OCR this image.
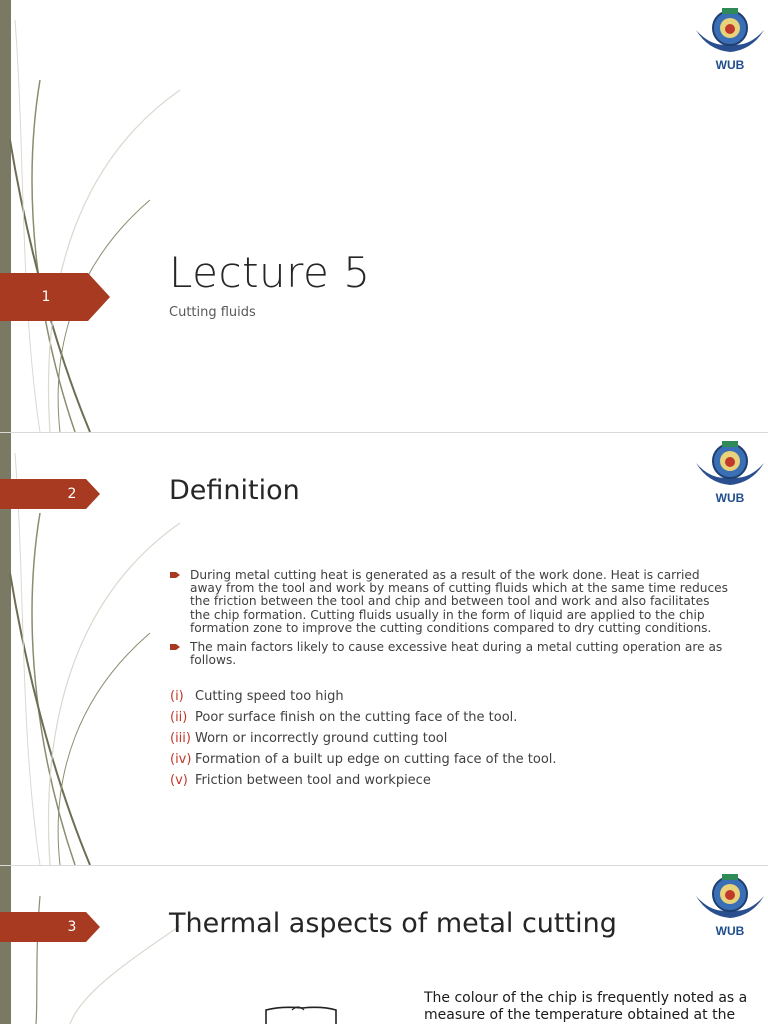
1
WUB
Lecture 5
Cutting fluids
2	WUB
Definition
During metal cutting heat is generated as a result of the work done. Heat is carried away from the tool and work by means of cutting fluids which at the same time reduces the friction between the tool and chip and between tool and work and also facilitates the chip formation. Cutting fluids usually in the form of liquid are applied to the chip formation zone to improve the cutting conditions compared to dry cutting conditions.
The main factors likely to cause excessive heat during a metal cutting operation are as follows.
(i) Cutting speed too high
(ii) Poor surface finish on the cutting face of the tool.
(iii) Worn or incorrectly ground cutting tool
(iv) Formation of a built up edge on cutting face of the tool.
(v) Friction between tool and workpiece
3	WUB
Thermal aspects of metal cutting
The colour of the chip is frequently noted as a measure of the temperature obtained at the
